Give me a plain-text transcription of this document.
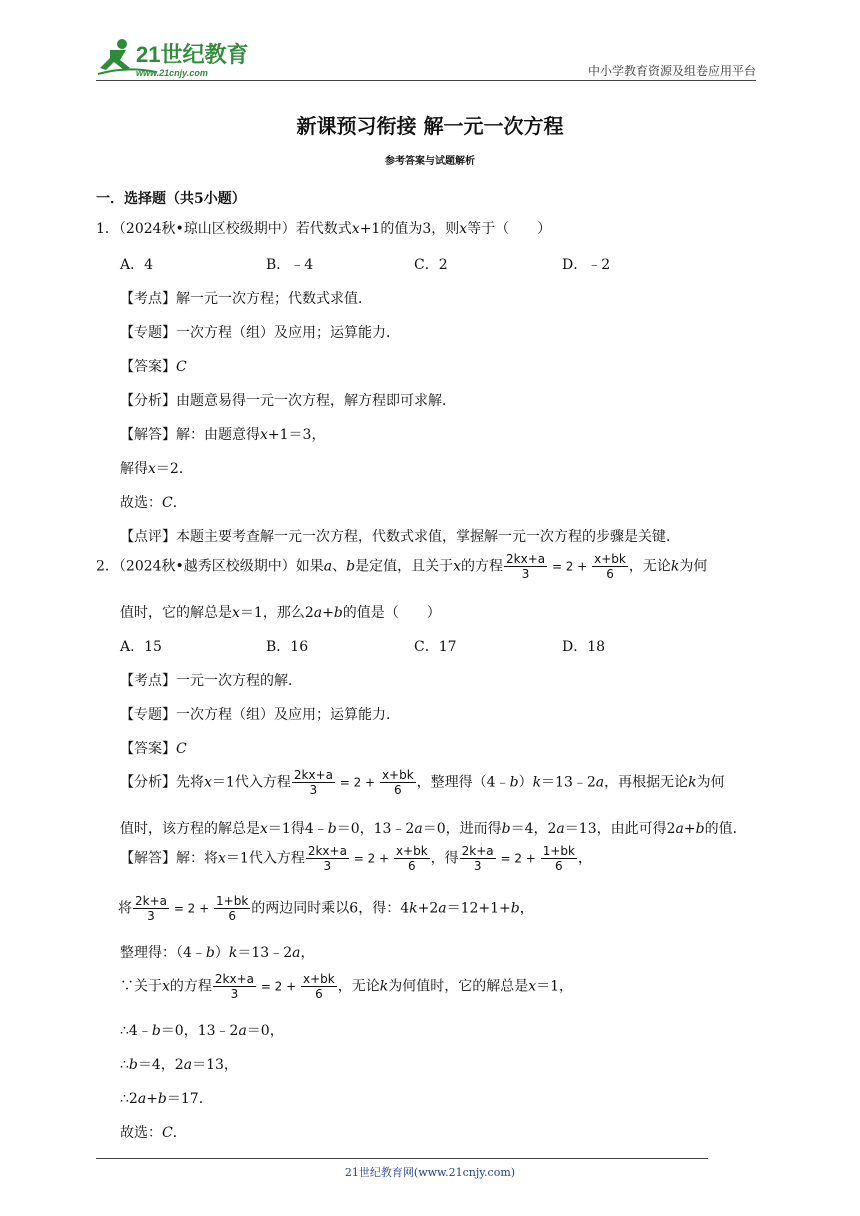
21世纪教育
www.21cnjy.com	中小学教育资源及组卷应用平台
新课预习衔接 解一元一次方程
参考答案与试题解析
一．选择题（共5小题）
1．（2024秋•琼山区校级期中）若代数式x+1的值为3，则x等于（　　）
A．4	B．﹣4	C．2	D．﹣2
【考点】解一元一次方程；代数式求值．
【专题】一次方程（组）及应用；运算能力．
【答案】C
【分析】由题意易得一元一次方程，解方程即可求解．
【解答】解：由题意得x+1＝3，
解得x＝2．
故选：C．
【点评】本题主要考查解一元一次方程，代数式求值，掌握解一元一次方程的步骤是关键．
2．（2024秋•越秀区校级期中）如果a、b是定值，且关于x的方程 $\frac{2kx+a}{3} = 2 + \frac{x+bk}{6}$ ，无论k为何
值时，它的解总是x＝1，那么2a+b的值是（　　）
A．15	B．16	C．17	D．18
【考点】一元一次方程的解．
【专题】一次方程（组）及应用；运算能力．
【答案】C
【分析】先将x＝1代入方程 $\frac{2kx+a}{3} = 2 + \frac{x+bk}{6}$ ，整理得（4﹣b）k＝13﹣2a，再根据无论k为何
值时，该方程的解总是x＝1得4﹣b＝0，13﹣2a＝0，进而得b＝4，2a＝13，由此可得2a+b的值．
【解答】解：将x＝1代入方程 $\frac{2kx+a}{3} = 2 + \frac{x+bk}{6}$ ，得 $\frac{2k+a}{3} = 2 + \frac{1+bk}{6}$ ，
将 $\frac{2k+a}{3} = 2 + \frac{1+bk}{6}$ 的两边同时乘以6，得：4k+2a＝12+1+b，
整理得：（4﹣b）k＝13﹣2a，
∵关于x的方程 $\frac{2kx+a}{3} = 2 + \frac{x+bk}{6}$ ，无论k为何值时，它的解总是x＝1，
∴4﹣b＝0，13﹣2a＝0，
∴b＝4，2a＝13，
∴2a+b＝17．
故选：C．
21世纪教育网(www.21cnjy.com)
